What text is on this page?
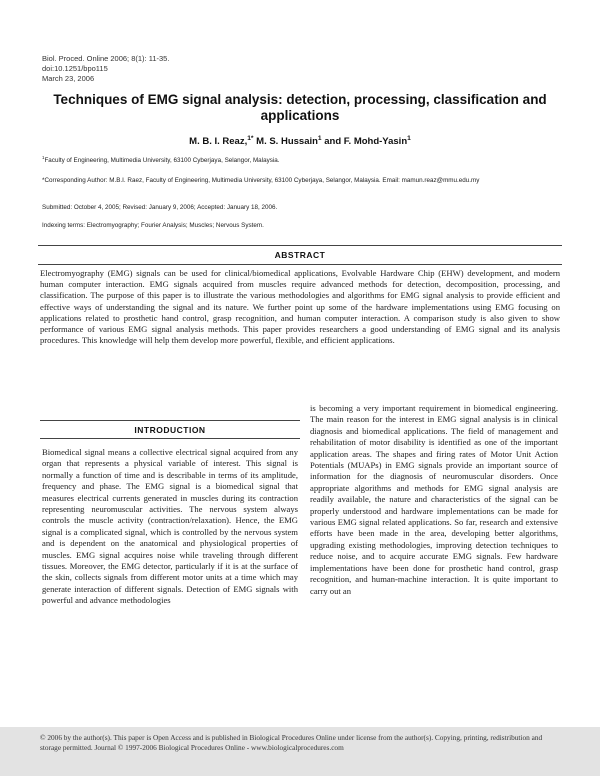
Biol. Proced. Online 2006; 8(1): 11-35.
doi:10.1251/bpo115
March 23, 2006
Techniques of EMG signal analysis: detection, processing, classification and applications
M. B. I. Reaz,$^{1*}$ M. S. Hussain$^1$ and F. Mohd-Yasin$^1$
$^1$Faculty of Engineering, Multimedia University, 63100 Cyberjaya, Selangor, Malaysia.
*Corresponding Author: M.B.I. Raez, Faculty of Engineering, Multimedia University, 63100 Cyberjaya, Selangor, Malaysia. Email: mamun.reaz@mmu.edu.my
Submitted: October 4, 2005; Revised: January 9, 2006; Accepted: January 18, 2006.
Indexing terms: Electromyography; Fourier Analysis; Muscles; Nervous System.
ABSTRACT
Electromyography (EMG) signals can be used for clinical/biomedical applications, Evolvable Hardware Chip (EHW) development, and modern human computer interaction. EMG signals acquired from muscles require advanced methods for detection, decomposition, processing, and classification. The purpose of this paper is to illustrate the various methodologies and algorithms for EMG signal analysis to provide efficient and effective ways of understanding the signal and its nature. We further point up some of the hardware implementations using EMG focusing on applications related to prosthetic hand control, grasp recognition, and human computer interaction. A comparison study is also given to show performance of various EMG signal analysis methods. This paper provides researchers a good understanding of EMG signal and its analysis procedures. This knowledge will help them develop more powerful, flexible, and efficient applications.
INTRODUCTION
Biomedical signal means a collective electrical signal acquired from any organ that represents a physical variable of interest. This signal is normally a function of time and is describable in terms of its amplitude, frequency and phase. The EMG signal is a biomedical signal that measures electrical currents generated in muscles during its contraction representing neuromuscular activities. The nervous system always controls the muscle activity (contraction/relaxation). Hence, the EMG signal is a complicated signal, which is controlled by the nervous system and is dependent on the anatomical and physiological properties of muscles. EMG signal acquires noise while traveling through different tissues. Moreover, the EMG detector, particularly if it is at the surface of the skin, collects signals from different motor units at a time which may generate interaction of different signals. Detection of EMG signals with powerful and advance methodologies
is becoming a very important requirement in biomedical engineering. The main reason for the interest in EMG signal analysis is in clinical diagnosis and biomedical applications. The field of management and rehabilitation of motor disability is identified as one of the important application areas. The shapes and firing rates of Motor Unit Action Potentials (MUAPs) in EMG signals provide an important source of information for the diagnosis of neuromuscular disorders. Once appropriate algorithms and methods for EMG signal analysis are readily available, the nature and characteristics of the signal can be properly understood and hardware implementations can be made for various EMG signal related applications. So far, research and extensive efforts have been made in the area, developing better algorithms, upgrading existing methodologies, improving detection techniques to reduce noise, and to acquire accurate EMG signals. Few hardware implementations have been done for prosthetic hand control, grasp recognition, and human-machine interaction. It is quite important to carry out an
© 2006 by the author(s). This paper is Open Access and is published in Biological Procedures Online under license from the author(s). Copying, printing, redistribution and storage permitted. Journal © 1997-2006 Biological Procedures Online - www.biologicalprocedures.com
